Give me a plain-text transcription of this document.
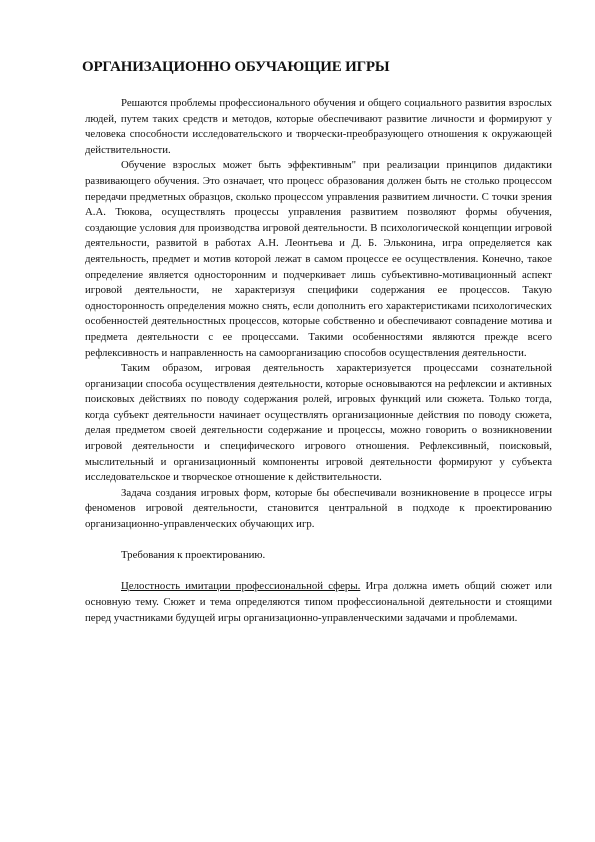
ОРГАНИЗАЦИОННО ОБУЧАЮЩИЕ ИГРЫ

Решаются проблемы профессионального обучения и общего социального развития взрослых людей, путем таких средств и методов, которые обеспечивают развитие личности и формируют у человека способности исследовательского и творчески-преобразующего отношения к окружающей действительности.

Обучение взрослых может быть эффективным" при реализации принципов дидактики развивающего обучения. Это означает, что процесс образования должен быть не столько процессом передачи предметных образцов, сколько процессом управления развитием личности. С точки зрения А.А. Тюкова, осуществлять процессы управления развитием позволяют формы обучения, создающие условия для производства игровой деятельности. В психологической концепции игровой деятельности, развитой в работах А.Н. Леонтьева и Д. Б. Эльконина, игра определяется как деятельность, предмет и мотив которой лежат в самом процессе ее осуществления. Конечно, такое определение является односторонним и подчеркивает лишь субъективно-мотивационный аспект игровой деятельности, не характеризуя специфики содержания ее процессов. Такую односторонность определения можно снять, если дополнить его характеристиками психологических особенностей деятельностных процессов, которые собственно и обеспечивают совпадение мотива и предмета деятельности с ее процессами. Такими особенностями являются прежде всего рефлексивность и направленность на самоорганизацию способов осуществления деятельности.

Таким образом, игровая деятельность характеризуется процессами сознательной организации способа осуществления деятельности, которые основываются на рефлексии и активных поисковых действиях по поводу содержания ролей, игровых функций или сюжета. Только тогда, когда субъект деятельности начинает осуществлять организационные действия по поводу сюжета, делая предметом своей деятельности содержание и процессы, можно говорить о возникновении игровой деятельности и специфического игрового отношения. Рефлексивный, поисковый, мыслительный и организационный компоненты игровой деятельности формируют у субъекта исследовательское и творческое отношение к действительности.

Задача создания игровых форм, которые бы обеспечивали возникновение в процессе игры феноменов игровой деятельности, становится центральной в подходе к проектированию организационно-управленческих обучающих игр.

Требования к проектированию.

Целостность имитации профессиональной сферы. Игра должна иметь общий сюжет или основную тему. Сюжет и тема определяются типом профессиональной деятельности и стоящими перед участниками будущей игры организационно-управленческими задачами и проблемами.
